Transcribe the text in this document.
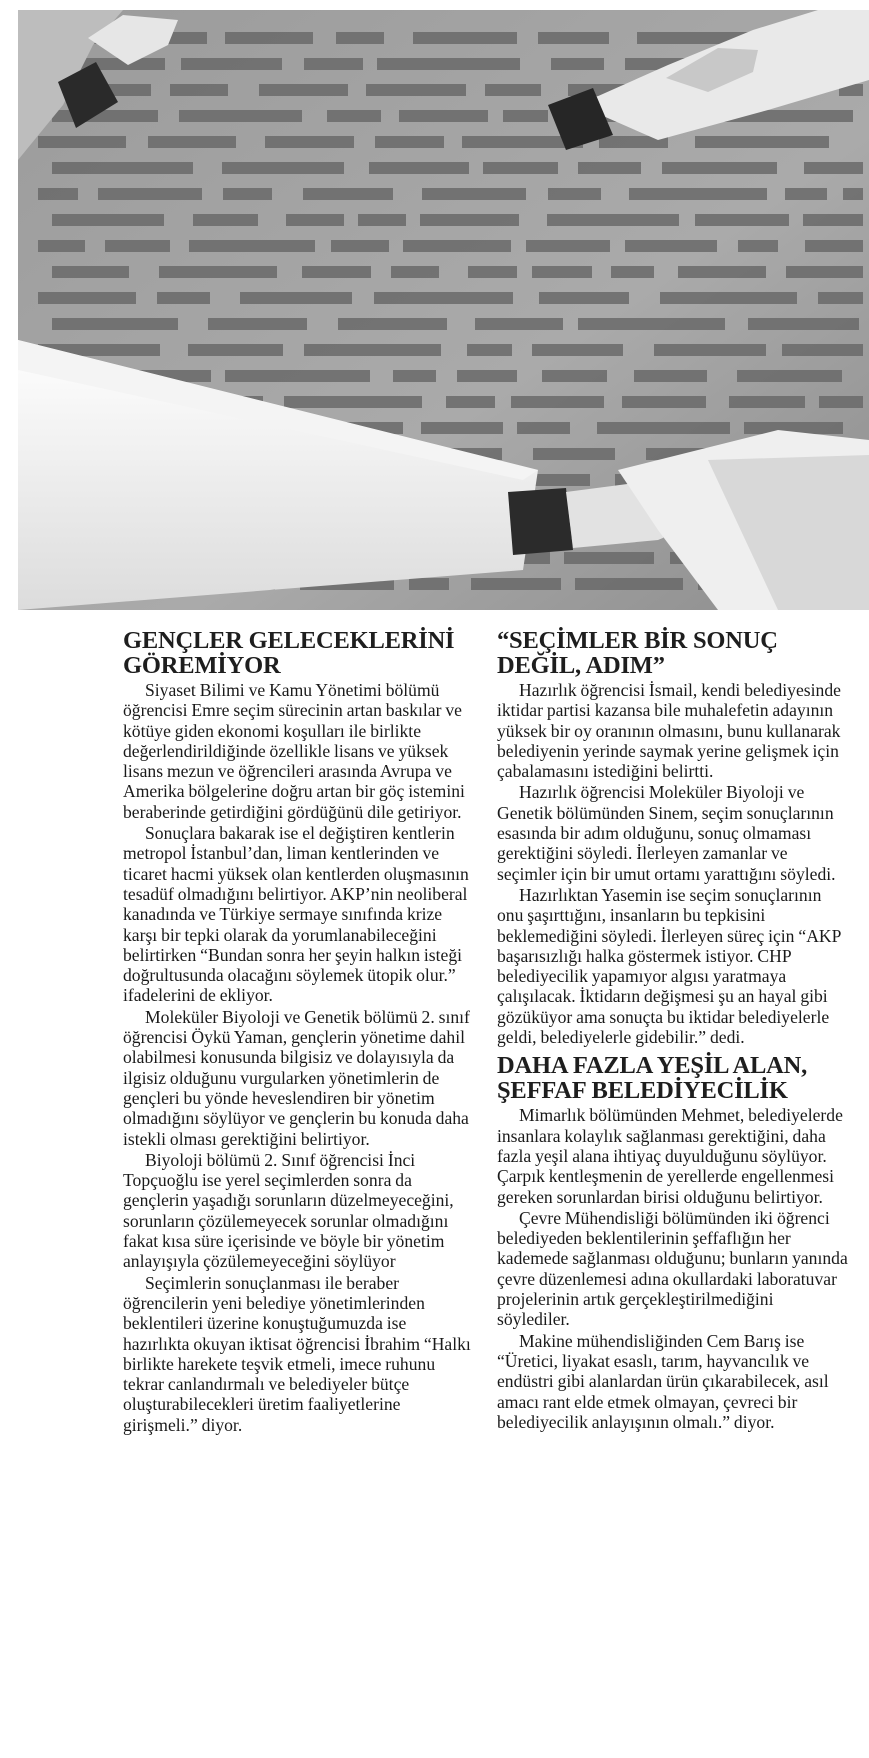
GENÇLER GELECEKLERİNİ GÖREMİYOR

Siyaset Bilimi ve Kamu Yönetimi bölümü öğrencisi Emre seçim sürecinin artan baskılar ve kötüye giden ekonomi koşulları ile birlikte değerlendirildiğinde özellikle lisans ve yüksek lisans mezun ve öğrencileri arasında Avrupa ve Amerika bölgelerine doğru artan bir göç istemini beraberinde getirdiğini gördüğünü dile getiriyor.

Sonuçlara bakarak ise el değiştiren kentlerin metropol İstanbul’dan, liman kentlerinden ve ticaret hacmi yüksek olan kentlerden oluşmasının tesadüf olmadığını belirtiyor. AKP’nin neoliberal kanadında ve Türkiye sermaye sınıfında krize karşı bir tepki olarak da yorumlanabileceğini belirtirken “Bundan sonra her şeyin halkın isteği doğrultusunda olacağını söylemek ütopik olur.” ifadelerini de ekliyor.

Moleküler Biyoloji ve Genetik bölümü 2. sınıf öğrencisi Öykü Yaman, gençlerin yönetime dahil olabilmesi konusunda bilgisiz ve dolayısıyla da ilgisiz olduğunu vurgularken yönetimlerin de gençleri bu yönde heveslendiren bir yönetim olmadığını söylüyor ve gençlerin bu konuda daha istekli olması gerektiğini belirtiyor.

Biyoloji bölümü 2. Sınıf öğrencisi İnci Topçuoğlu ise yerel seçimlerden sonra da gençlerin yaşadığı sorunların düzelmeyeceğini, sorunların çözülemeyecek sorunlar olmadığını fakat kısa süre içerisinde ve böyle bir yönetim anlayışıyla çözülemeyeceğini söylüyor

Seçimlerin sonuçlanması ile beraber öğrencilerin yeni belediye yönetimlerinden beklentileri üzerine konuştuğumuzda ise hazırlıkta okuyan iktisat öğrencisi İbrahim “Halkı birlikte harekete teşvik etmeli, imece ruhunu tekrar canlandırmalı ve belediyeler bütçe oluşturabilecekleri üretim faaliyetlerine girişmeli.” diyor.

“SEÇİMLER BİR SONUÇ DEĞİL, ADIM”

Hazırlık öğrencisi İsmail, kendi belediyesinde iktidar partisi kazansa bile muhalefetin adayının yüksek bir oy oranının olmasını, bunu kullanarak belediyenin yerinde saymak yerine gelişmek için çabalamasını istediğini belirtti.

Hazırlık öğrencisi Moleküler Biyoloji ve Genetik bölümünden Sinem, seçim sonuçlarının esasında bir adım olduğunu, sonuç olmaması gerektiğini söyledi. İlerleyen zamanlar ve seçimler için bir umut ortamı yarattığını söyledi.

Hazırlıktan Yasemin ise seçim sonuçlarının onu şaşırttığını, insanların bu tepkisini beklemediğini söyledi. İlerleyen süreç için “AKP başarısızlığı halka göstermek istiyor. CHP belediyecilik yapamıyor algısı yaratmaya çalışılacak. İktidarın değişmesi şu an hayal gibi gözüküyor ama sonuçta bu iktidar belediyelerle geldi, belediyelerle gidebilir.” dedi.

DAHA FAZLA YEŞİL ALAN, ŞEFFAF BELEDİYECİLİK

Mimarlık bölümünden Mehmet, belediyelerde insanlara kolaylık sağlanması gerektiğini, daha fazla yeşil alana ihtiyaç duyulduğunu söylüyor. Çarpık kentleşmenin de yerellerde engellenmesi gereken sorunlardan birisi olduğunu belirtiyor.

Çevre Mühendisliği bölümünden iki öğrenci belediyeden beklentilerinin şeffaflığın her kademede sağlanması olduğunu; bunların yanında çevre düzenlemesi adına okullardaki laboratuvar projelerinin artık gerçekleştirilmediğini söylediler.

Makine mühendisliğinden Cem Barış ise “Üretici, liyakat esaslı, tarım, hayvancılık ve endüstri gibi alanlardan ürün çıkarabilecek, asıl amacı rant elde etmek olmayan, çevreci bir belediyecilik anlayışının olmalı.” diyor.
